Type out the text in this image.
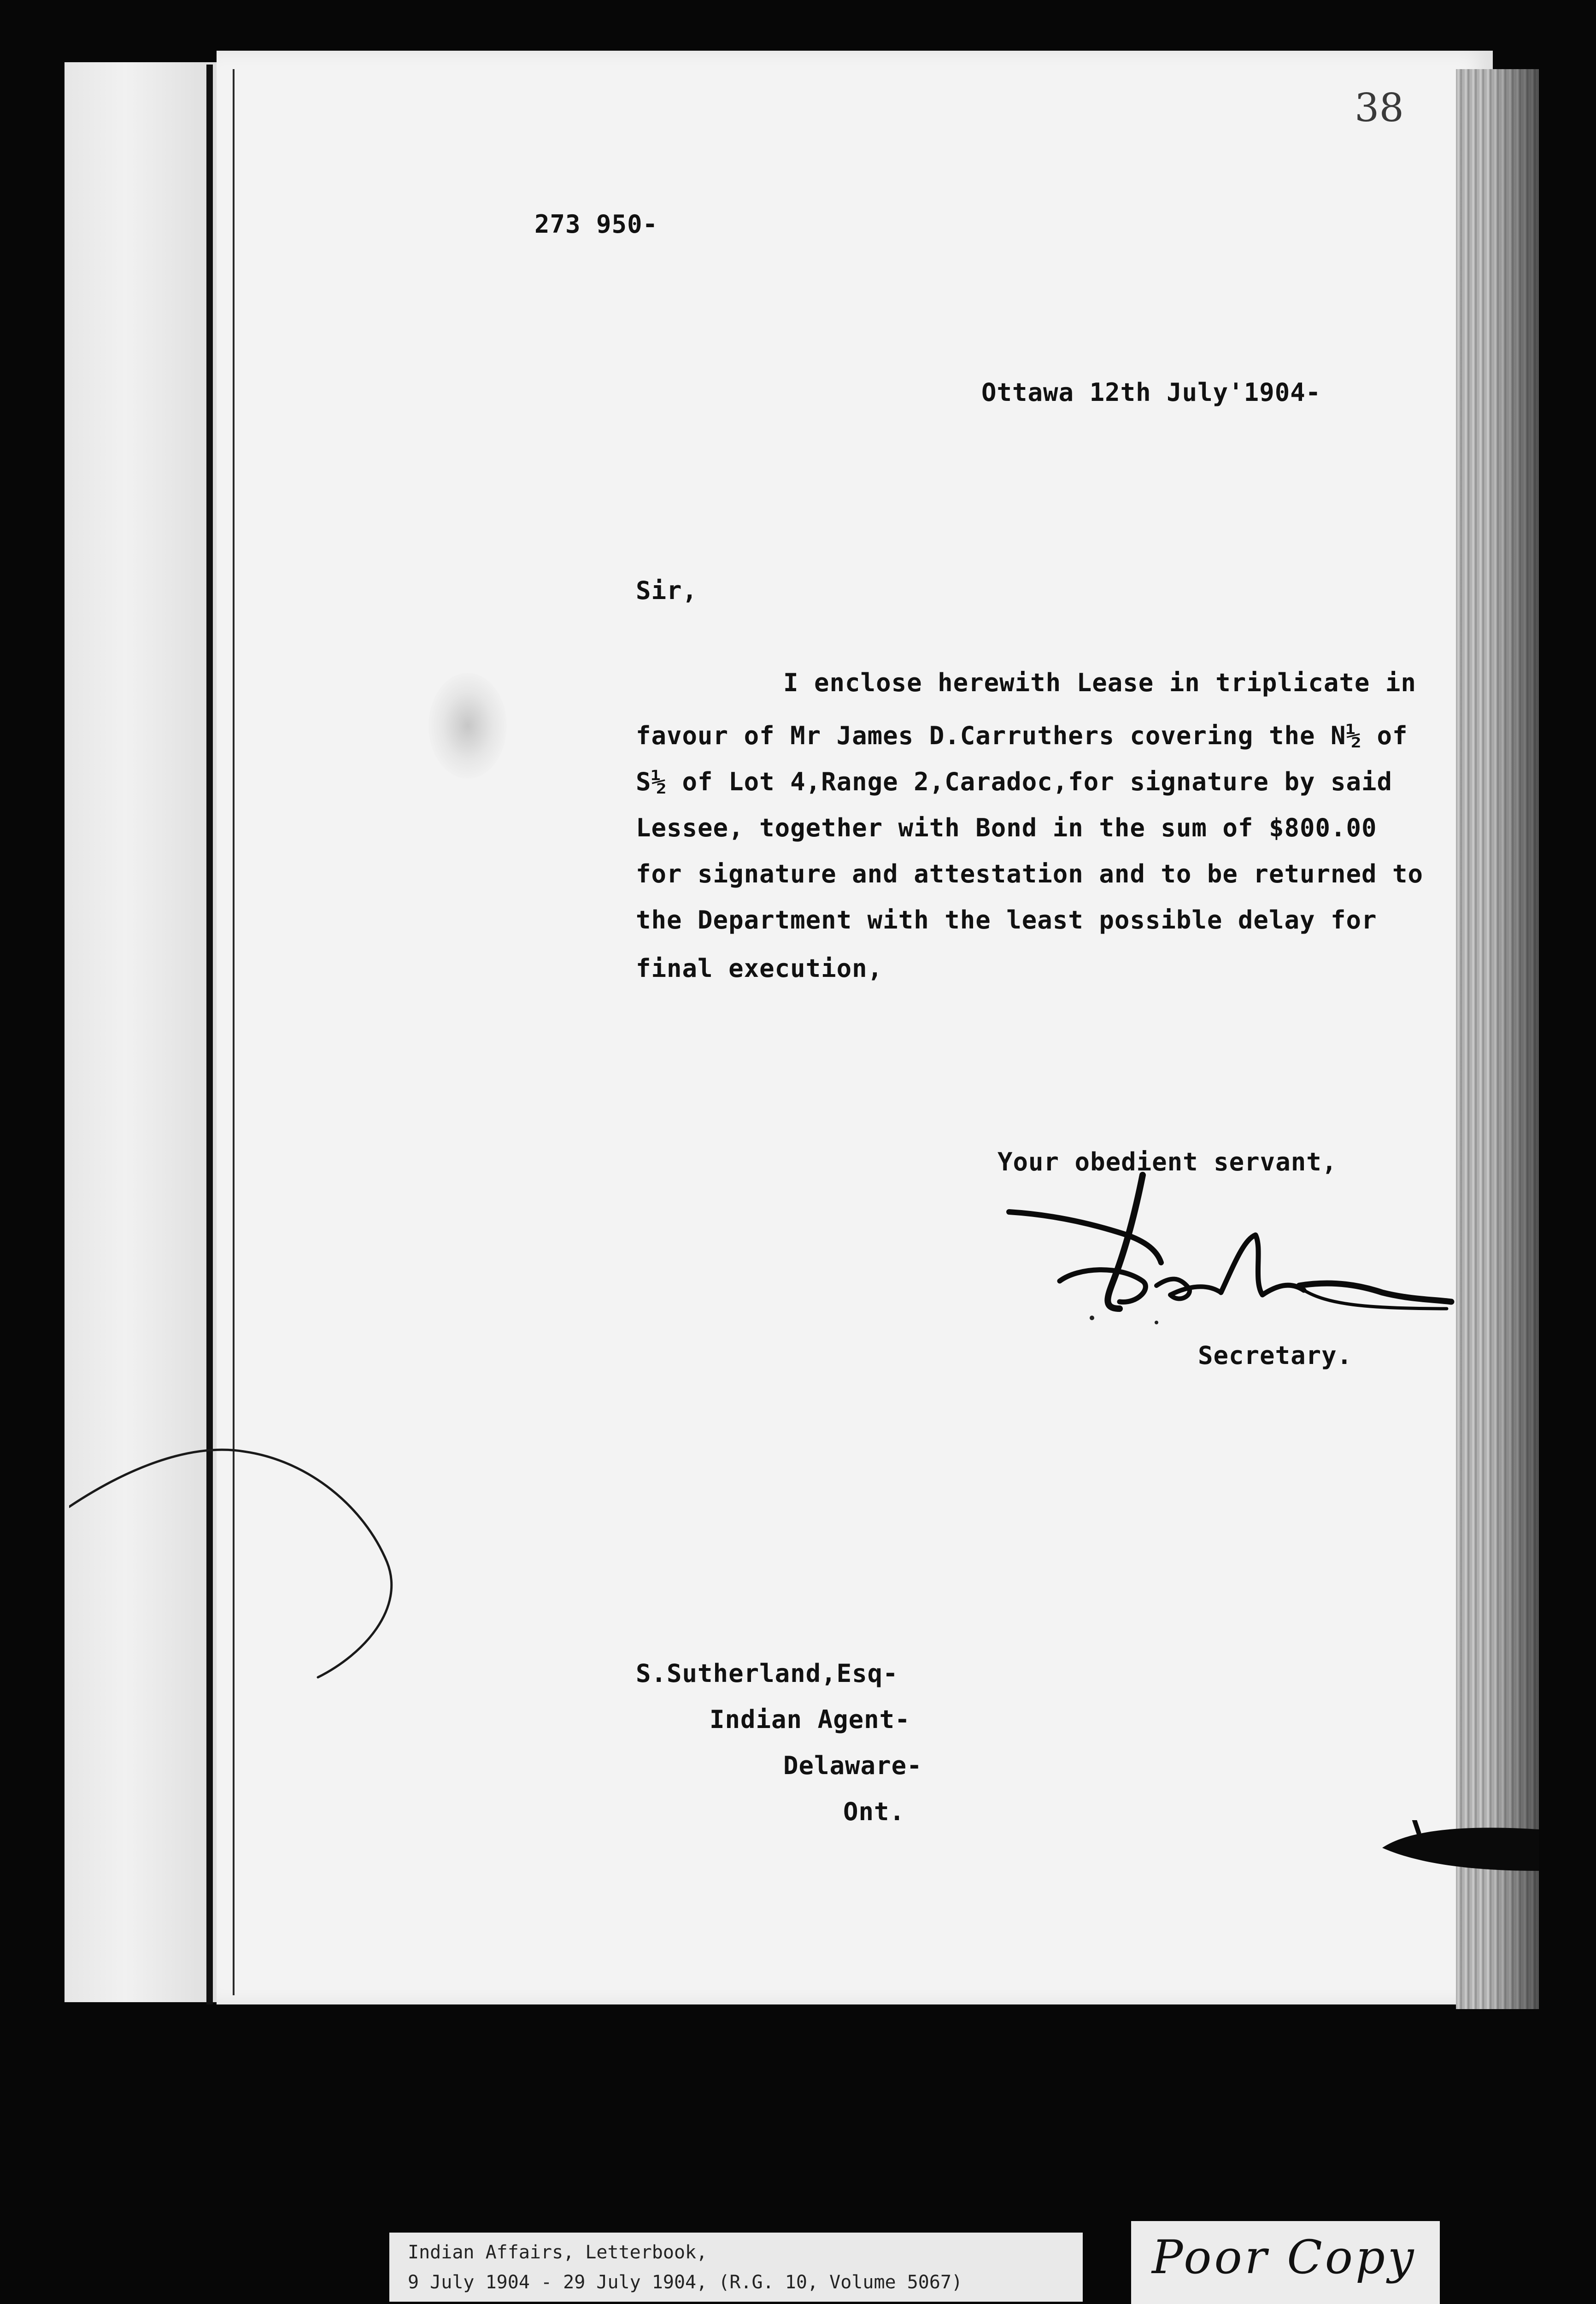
38
273 950-
Ottawa 12th July'1904-
Sir,
I enclose herewith Lease in triplicate in
favour of Mr James D.Carruthers covering the N½ of
S½ of Lot 4,Range 2,Caradoc,for signature by said
Lessee, together with Bond in the sum of $800.00
for signature and attestation and to be returned to
the Department with the least possible delay for
final execution,
Your obedient servant,
Secretary.
S.Sutherland,Esq-
Indian Agent-
Delaware-
Ont.
Indian Affairs, Letterbook,
9 July 1904 - 29 July 1904, (R.G. 10, Volume 5067)	Poor Copy
